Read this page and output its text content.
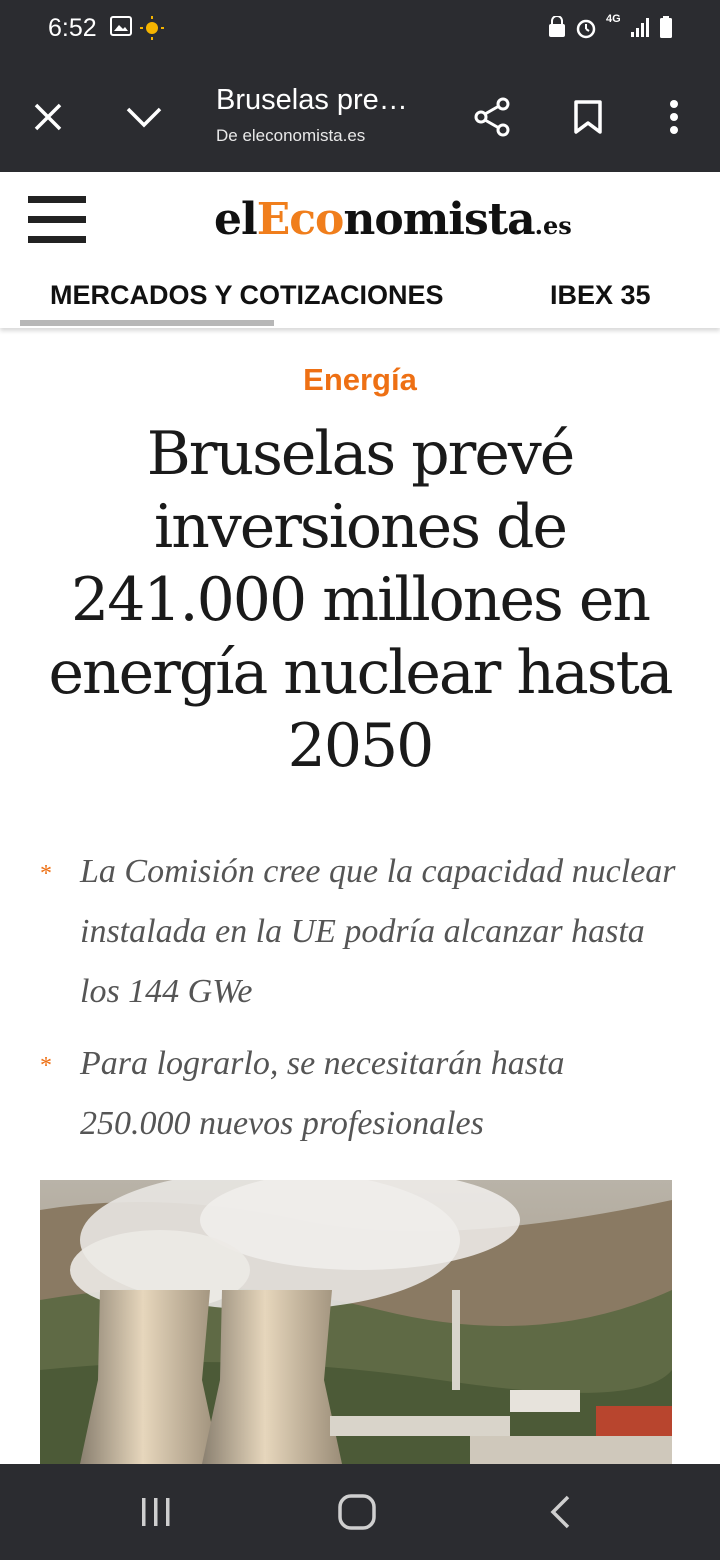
6:52	4G
Bruselas pre…
De eleconomista.es
elEconomista.es
MERCADOS Y COTIZACIONES	IBEX 35
Energía
Bruselas prevé inversiones de 241.000 millones en energía nuclear hasta 2050
* La Comisión cree que la capacidad nuclear instalada en la UE podría alcanzar hasta los 144 GWe
* Para lograrlo, se necesitarán hasta 250.000 nuevos profesionales
